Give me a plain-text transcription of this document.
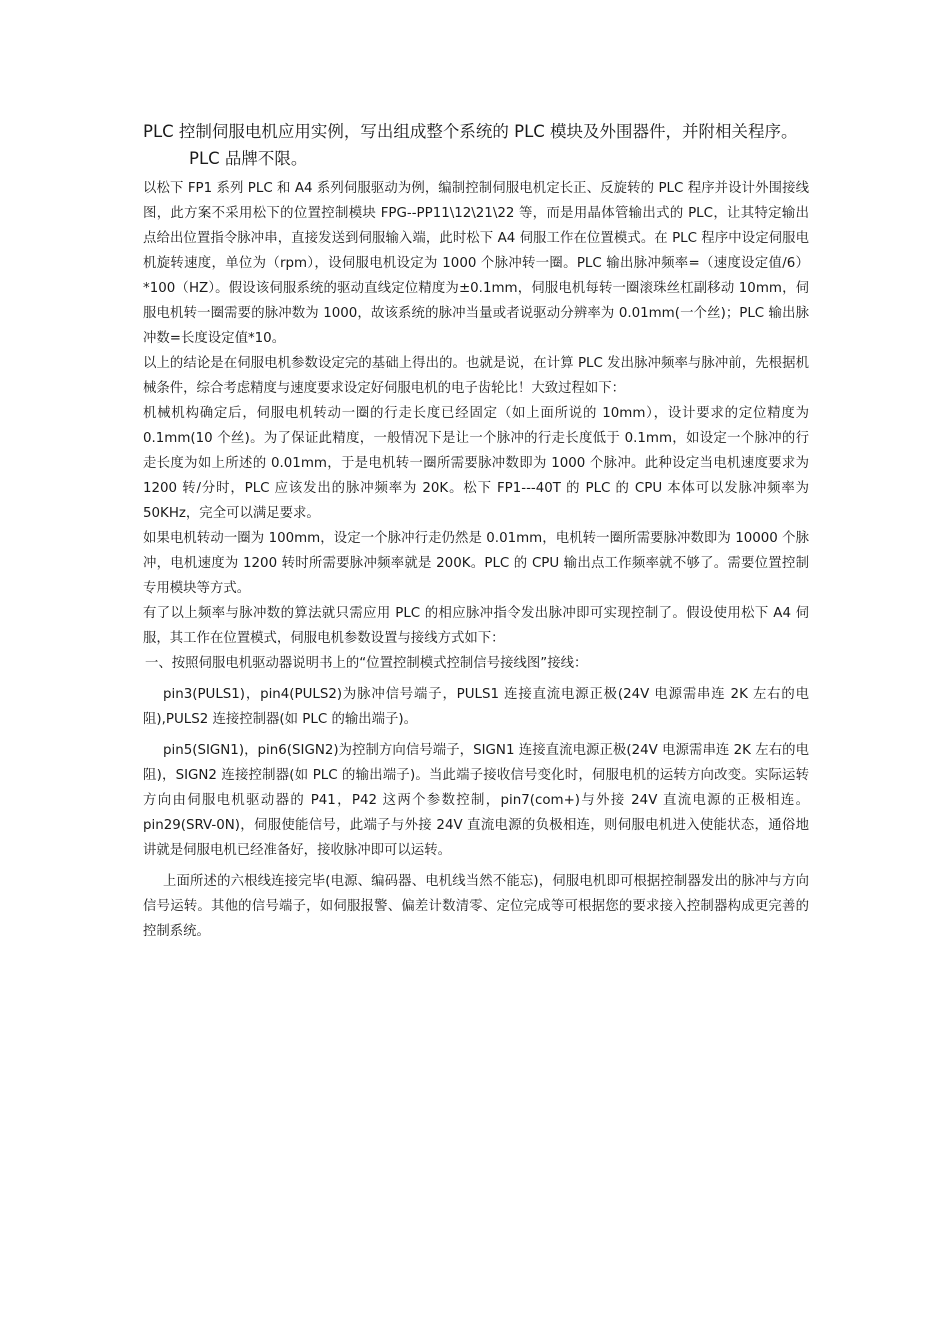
PLC 控制伺服电机应用实例，写出组成整个系统的 PLC 模块及外围器件，并附相关程序。

PLC 品牌不限。

以松下 FP1 系列 PLC 和 A4 系列伺服驱动为例，编制控制伺服电机定长正、反旋转的 PLC 程序并设计外围接线图，此方案不采用松下的位置控制模块 FPG--PP11\12\21\22 等，而是用晶体管输出式的 PLC，让其特定输出点给出位置指令脉冲串，直接发送到伺服输入端，此时松下 A4 伺服工作在位置模式。在 PLC 程序中设定伺服电机旋转速度，单位为（rpm），设伺服电机设定为 1000 个脉冲转一圈。PLC 输出脉冲频率=（速度设定值/6）*100（HZ）。假设该伺服系统的驱动直线定位精度为±0.1mm，伺服电机每转一圈滚珠丝杠副移动 10mm，伺服电机转一圈需要的脉冲数为 1000，故该系统的脉冲当量或者说驱动分辨率为 0.01mm(一个丝)；PLC 输出脉冲数=长度设定值*10。

以上的结论是在伺服电机参数设定完的基础上得出的。也就是说，在计算 PLC 发出脉冲频率与脉冲前，先根据机械条件，综合考虑精度与速度要求设定好伺服电机的电子齿轮比！大致过程如下：

机械机构确定后，伺服电机转动一圈的行走长度已经固定（如上面所说的 10mm），设计要求的定位精度为 0.1mm(10 个丝)。为了保证此精度，一般情况下是让一个脉冲的行走长度低于 0.1mm，如设定一个脉冲的行走长度为如上所述的 0.01mm，于是电机转一圈所需要脉冲数即为 1000 个脉冲。此种设定当电机速度要求为 1200 转/分时，PLC 应该发出的脉冲频率为 20K。松下 FP1---40T 的 PLC 的 CPU 本体可以发脉冲频率为 50KHz，完全可以满足要求。

如果电机转动一圈为 100mm，设定一个脉冲行走仍然是 0.01mm，电机转一圈所需要脉冲数即为 10000 个脉冲，电机速度为 1200 转时所需要脉冲频率就是 200K。PLC 的 CPU 输出点工作频率就不够了。需要位置控制专用模块等方式。

有了以上频率与脉冲数的算法就只需应用 PLC 的相应脉冲指令发出脉冲即可实现控制了。假设使用松下 A4 伺服，其工作在位置模式，伺服电机参数设置与接线方式如下：

一、按照伺服电机驱动器说明书上的“位置控制模式控制信号接线图”接线：

pin3(PULS1)，pin4(PULS2)为脉冲信号端子，PULS1 连接直流电源正极(24V 电源需串连 2K 左右的电阻),PULS2 连接控制器(如 PLC 的输出端子)。

pin5(SIGN1)，pin6(SIGN2)为控制方向信号端子，SIGN1 连接直流电源正极(24V 电源需串连 2K 左右的电阻)，SIGN2 连接控制器(如 PLC 的输出端子)。当此端子接收信号变化时，伺服电机的运转方向改变。实际运转方向由伺服电机驱动器的 P41，P42 这两个参数控制，pin7(com+)与外接 24V 直流电源的正极相连。pin29(SRV-0N)，伺服使能信号，此端子与外接 24V 直流电源的负极相连，则伺服电机进入使能状态，通俗地讲就是伺服电机已经准备好，接收脉冲即可以运转。

上面所述的六根线连接完毕(电源、编码器、电机线当然不能忘)，伺服电机即可根据控制器发出的脉冲与方向信号运转。其他的信号端子，如伺服报警、偏差计数清零、定位完成等可根据您的要求接入控制器构成更完善的控制系统。
